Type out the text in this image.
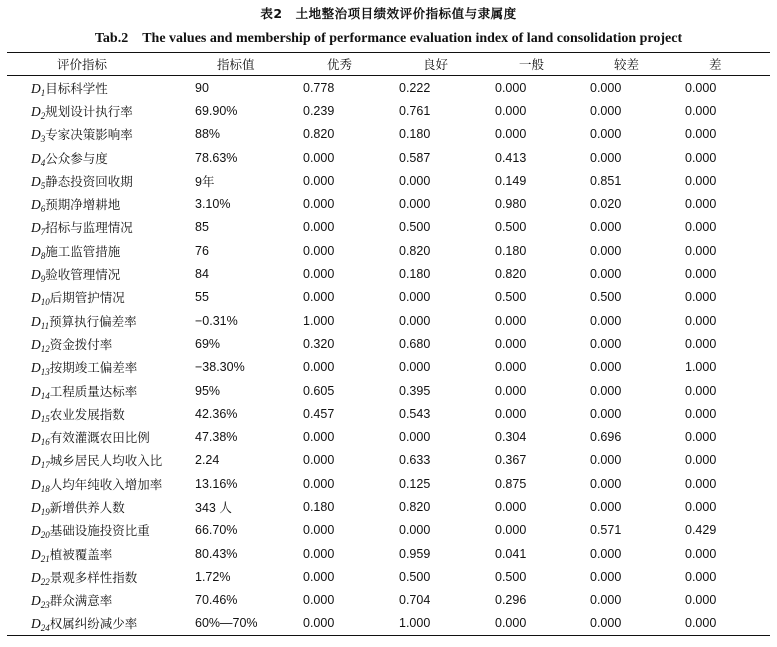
表2　土地整治项目绩效评价指标值与隶属度
Tab.2　The values and membership of performance evaluation index of land consolidation project
评价指标	指标值	优秀	良好	一般	较差	差
$D_1$目标科学性	90	0.778	0.222	0.000	0.000	0.000
$D_2$规划设计执行率	69.90%	0.239	0.761	0.000	0.000	0.000
$D_3$专家决策影响率	88%	0.820	0.180	0.000	0.000	0.000
$D_4$公众参与度	78.63%	0.000	0.587	0.413	0.000	0.000
$D_5$静态投资回收期	9年	0.000	0.000	0.149	0.851	0.000
$D_6$预期净增耕地	3.10%	0.000	0.000	0.980	0.020	0.000
$D_7$招标与监理情况	85	0.000	0.500	0.500	0.000	0.000
$D_8$施工监管措施	76	0.000	0.820	0.180	0.000	0.000
$D_9$验收管理情况	84	0.000	0.180	0.820	0.000	0.000
$D_{10}$后期管护情况	55	0.000	0.000	0.500	0.500	0.000
$D_{11}$预算执行偏差率	−0.31%	1.000	0.000	0.000	0.000	0.000
$D_{12}$资金拨付率	69%	0.320	0.680	0.000	0.000	0.000
$D_{13}$按期竣工偏差率	−38.30%	0.000	0.000	0.000	0.000	1.000
$D_{14}$工程质量达标率	95%	0.605	0.395	0.000	0.000	0.000
$D_{15}$农业发展指数	42.36%	0.457	0.543	0.000	0.000	0.000
$D_{16}$有效灌溉农田比例	47.38%	0.000	0.000	0.304	0.696	0.000
$D_{17}$城乡居民人均收入比	2.24	0.000	0.633	0.367	0.000	0.000
$D_{18}$人均年纯收入增加率	13.16%	0.000	0.125	0.875	0.000	0.000
$D_{19}$新增供养人数	343 人	0.180	0.820	0.000	0.000	0.000
$D_{20}$基础设施投资比重	66.70%	0.000	0.000	0.000	0.571	0.429
$D_{21}$植被覆盖率	80.43%	0.000	0.959	0.041	0.000	0.000
$D_{22}$景观多样性指数	1.72%	0.000	0.500	0.500	0.000	0.000
$D_{23}$群众满意率	70.46%	0.000	0.704	0.296	0.000	0.000
$D_{24}$权属纠纷减少率	60%—70%	0.000	1.000	0.000	0.000	0.000
